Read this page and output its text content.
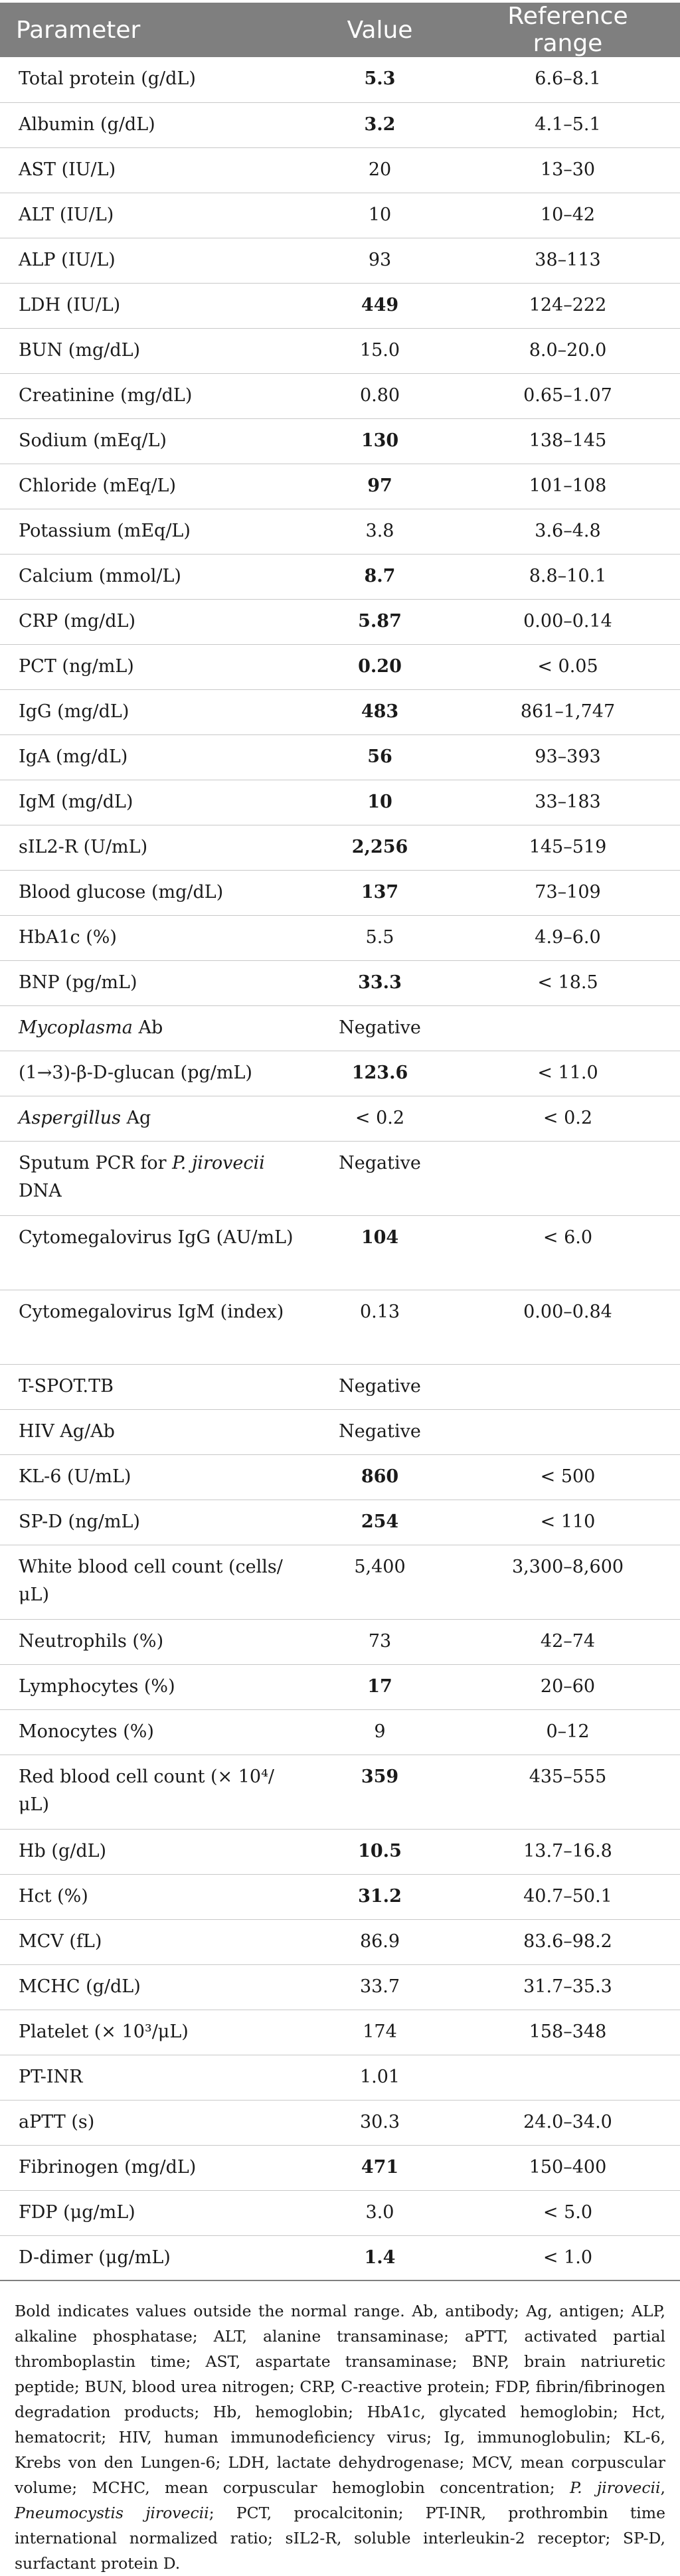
Parameter	Value	Reference range
Total protein (g/dL)	5.3	6.6–8.1
Albumin (g/dL)	3.2	4.1–5.1
AST (IU/L)	20	13–30
ALT (IU/L)	10	10–42
ALP (IU/L)	93	38–113
LDH (IU/L)	449	124–222
BUN (mg/dL)	15.0	8.0–20.0
Creatinine (mg/dL)	0.80	0.65–1.07
Sodium (mEq/L)	130	138–145
Chloride (mEq/L)	97	101–108
Potassium (mEq/L)	3.8	3.6–4.8
Calcium (mmol/L)	8.7	8.8–10.1
CRP (mg/dL)	5.87	0.00–0.14
PCT (ng/mL)	0.20	< 0.05
IgG (mg/dL)	483	861–1,747
IgA (mg/dL)	56	93–393
IgM (mg/dL)	10	33–183
sIL2-R (U/mL)	2,256	145–519
Blood glucose (mg/dL)	137	73–109
HbA1c (%)	5.5	4.9–6.0
BNP (pg/mL)	33.3	< 18.5
Mycoplasma Ab	Negative	
(1→3)-β-D-glucan (pg/mL)	123.6	< 11.0
Aspergillus Ag	< 0.2	< 0.2
Sputum PCR for P. jirovecii DNA	Negative	
Cytomegalovirus IgG (AU/mL)	104	< 6.0
Cytomegalovirus IgM (index)	0.13	0.00–0.84
T-SPOT.TB	Negative	
HIV Ag/Ab	Negative	
KL-6 (U/mL)	860	< 500
SP-D (ng/mL)	254	< 110
White blood cell count (cells/μL)	5,400	3,300–8,600
Neutrophils (%)	73	42–74
Lymphocytes (%)	17	20–60
Monocytes (%)	9	0–12
Red blood cell count (× 10⁴/μL)	359	435–555
Hb (g/dL)	10.5	13.7–16.8
Hct (%)	31.2	40.7–50.1
MCV (fL)	86.9	83.6–98.2
MCHC (g/dL)	33.7	31.7–35.3
Platelet (× 10³/μL)	174	158–348
PT-INR	1.01	
aPTT (s)	30.3	24.0–34.0
Fibrinogen (mg/dL)	471	150–400
FDP (μg/mL)	3.0	< 5.0
D-dimer (μg/mL)	1.4	< 1.0
Bold indicates values outside the normal range. Ab, antibody; Ag, antigen; ALP, alkaline phosphatase; ALT, alanine transaminase; aPTT, activated partial thromboplastin time; AST, aspartate transaminase; BNP, brain natriuretic peptide; BUN, blood urea nitrogen; CRP, C-reactive protein; FDP, fibrin/fibrinogen degradation products; Hb, hemoglobin; HbA1c, glycated hemoglobin; Hct, hematocrit; HIV, human immunodeficiency virus; Ig, immunoglobulin; KL-6, Krebs von den Lungen-6; LDH, lactate dehydrogenase; MCV, mean corpuscular volume; MCHC, mean corpuscular hemoglobin concentration; P. jirovecii, Pneumocystis jirovecii; PCT, procalcitonin; PT-INR, prothrombin time international normalized ratio; sIL2-R, soluble interleukin-2 receptor; SP-D, surfactant protein D.
